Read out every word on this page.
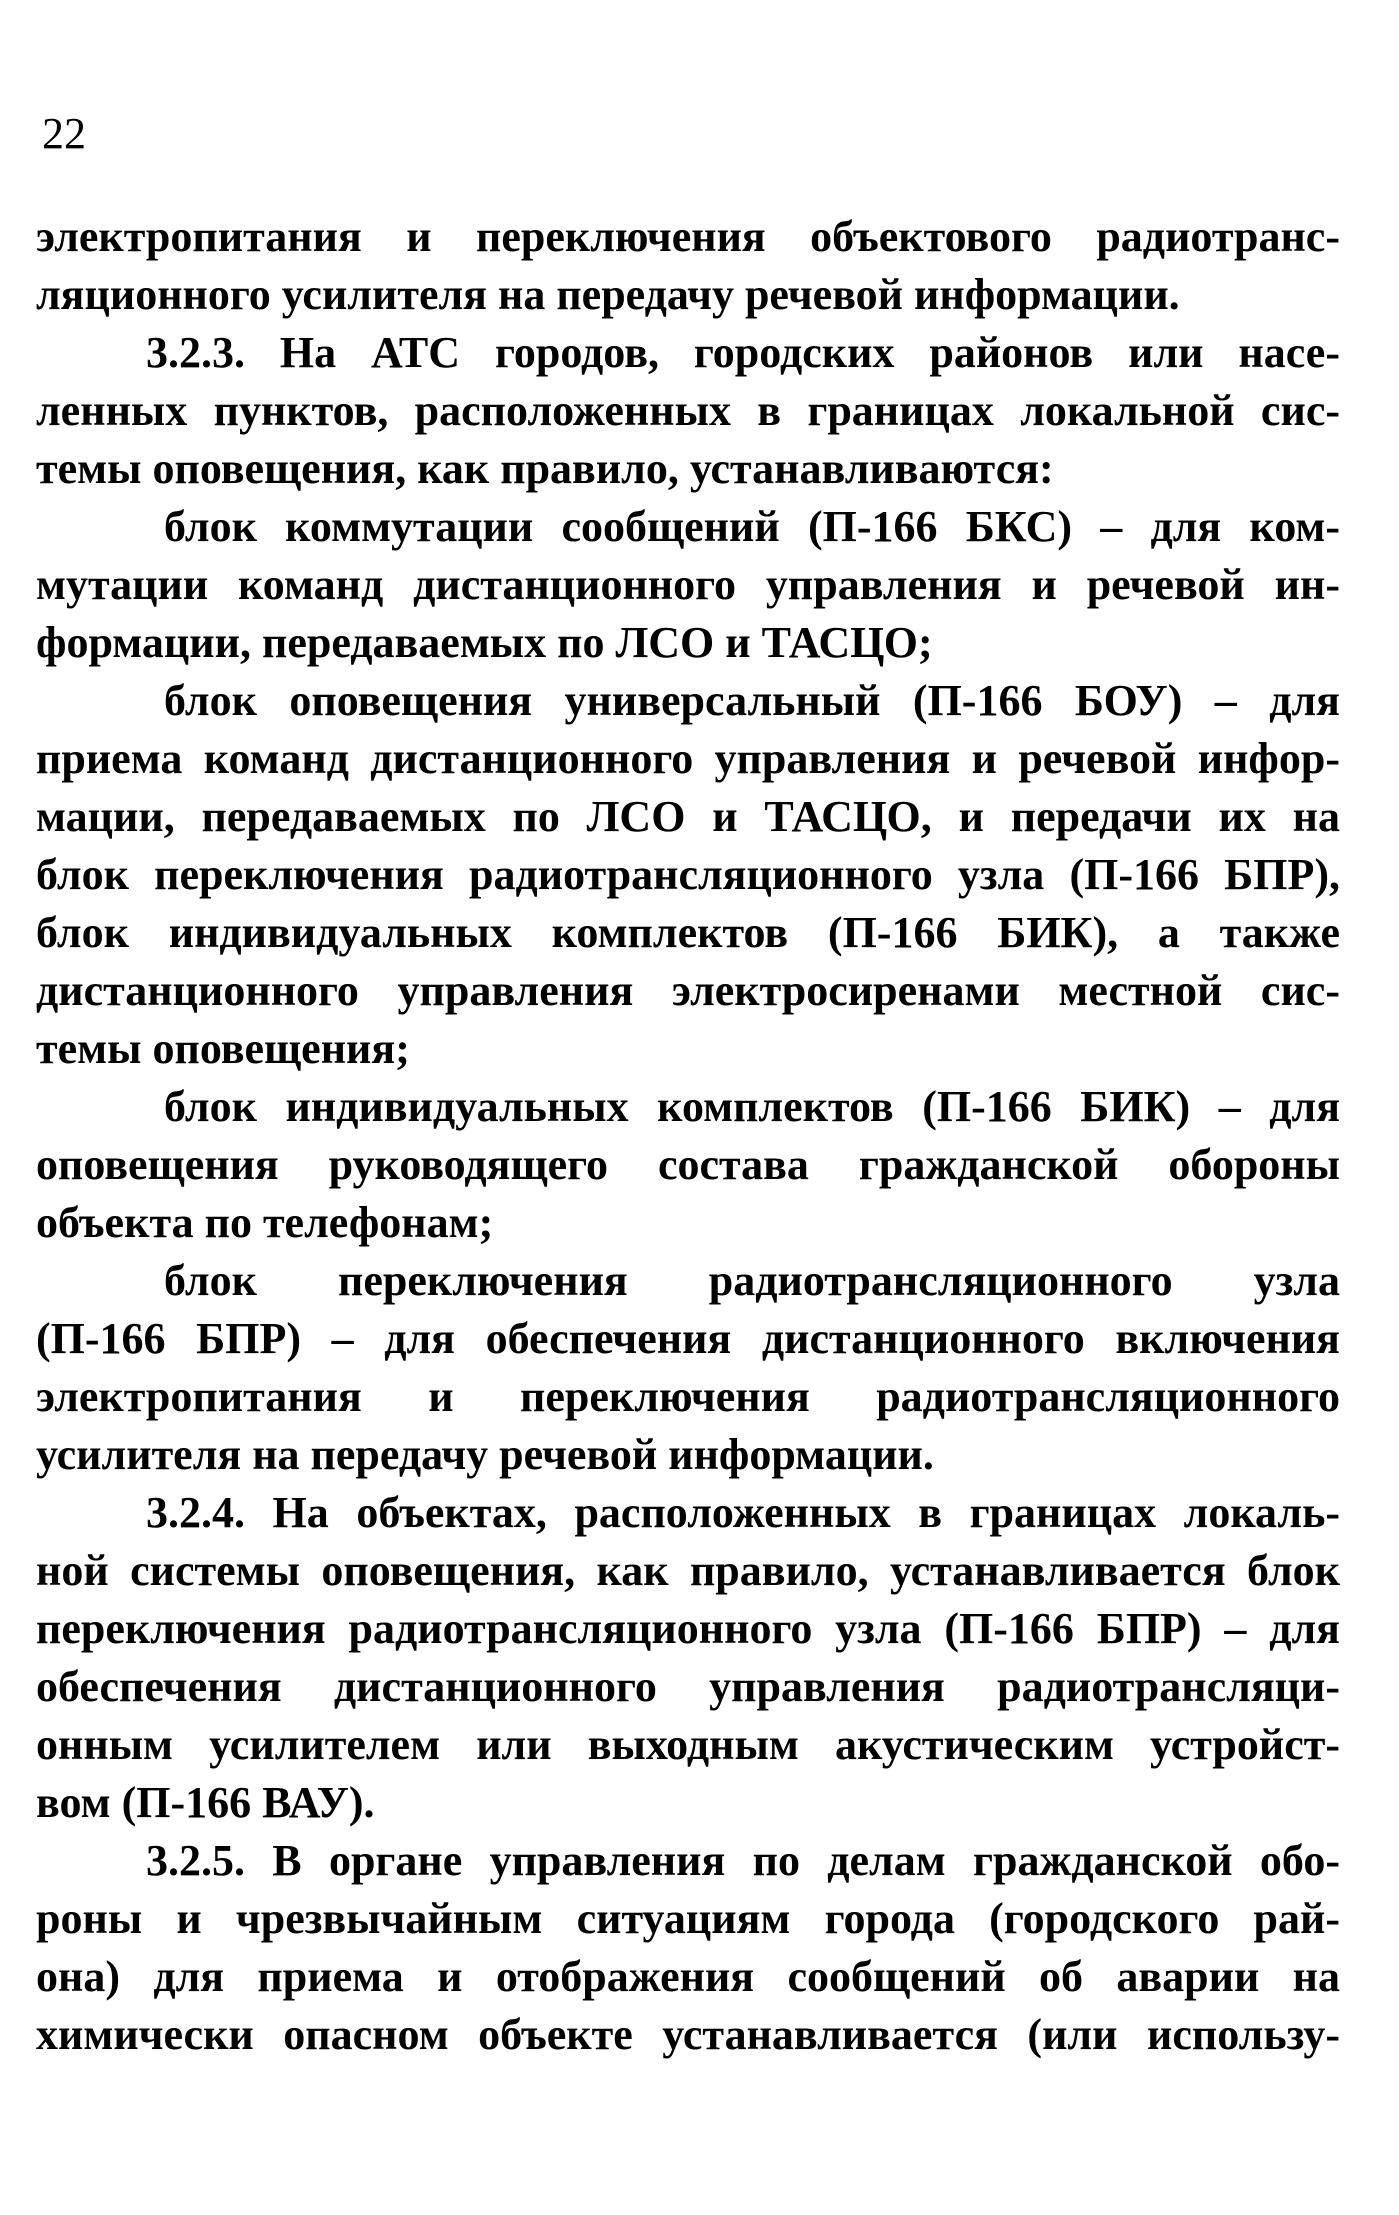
22
электропитания и переключения объектового радиотранс-
ляционного усилителя на передачу речевой информации.
3.2.3. На АТС городов, городских районов или насе-
ленных пунктов, расположенных в границах локальной сис-
темы оповещения, как правило, устанавливаются:
блок коммутации сообщений (П-166 БКС) – для ком-
мутации команд дистанционного управления и речевой ин-
формации, передаваемых по ЛСО и ТАСЦО;
блок оповещения универсальный (П-166 БОУ) – для
приема команд дистанционного управления и речевой инфор-
мации, передаваемых по ЛСО и ТАСЦО, и передачи их на
блок переключения радиотрансляционного узла (П-166 БПР),
блок индивидуальных комплектов (П-166 БИК), а также
дистанционного управления электросиренами местной сис-
темы оповещения;
блок индивидуальных комплектов (П-166 БИК) – для
оповещения руководящего состава гражданской обороны
объекта по телефонам;
блок переключения радиотрансляционного узла
(П-166 БПР) – для обеспечения дистанционного включения
электропитания и переключения радиотрансляционного
усилителя на передачу речевой информации.
3.2.4. На объектах, расположенных в границах локаль-
ной системы оповещения, как правило, устанавливается блок
переключения радиотрансляционного узла (П-166 БПР) – для
обеспечения дистанционного управления радиотрансляци-
онным усилителем или выходным акустическим устройст-
вом (П-166 ВАУ).
3.2.5. В органе управления по делам гражданской обо-
роны и чрезвычайным ситуациям города (городского рай-
она) для приема и отображения сообщений об аварии на
химически опасном объекте устанавливается (или использу-
